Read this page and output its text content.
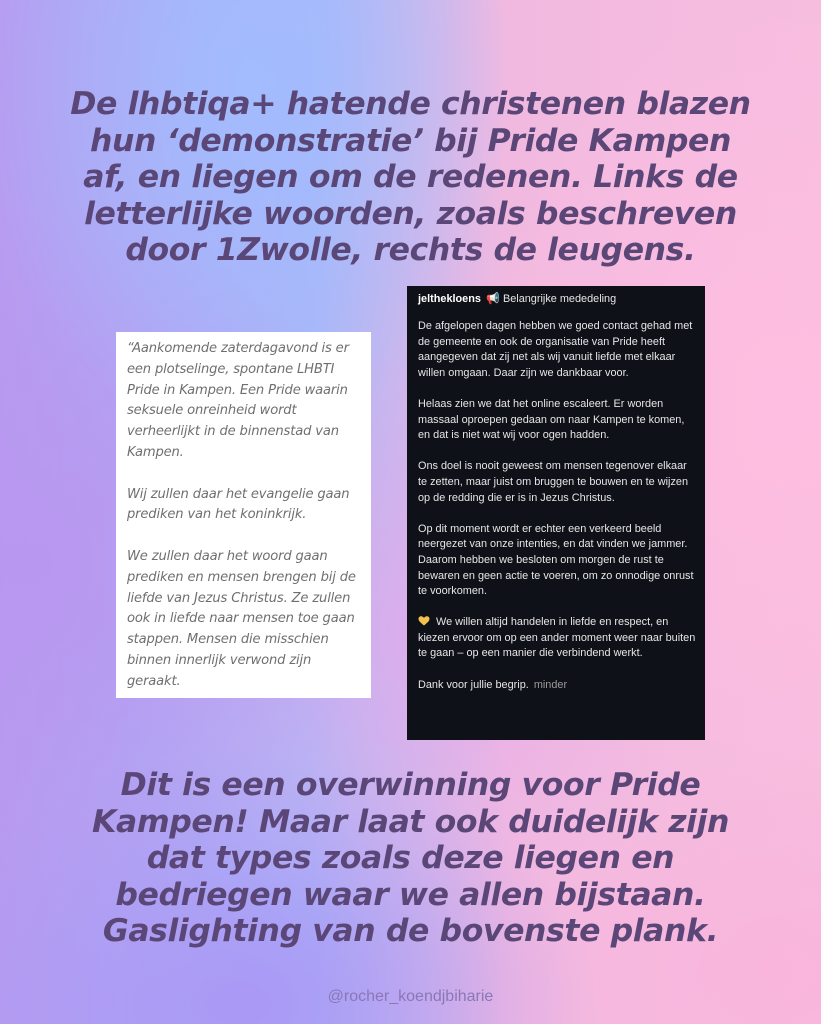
De lhbtiqa+ hatende christenen blazen
hun ‘demonstratie’ bij Pride Kampen
af, en liegen om de redenen. Links de
letterlijke woorden, zoals beschreven
door 1Zwolle, rechts de leugens.

“Aankomende zaterdagavond is er een plotselinge, spontane LHBTI Pride in Kampen. Een Pride waarin seksuele onreinheid wordt verheerlijkt in de binnenstad van Kampen.

Wij zullen daar het evangelie gaan prediken van het koninkrijk.

We zullen daar het woord gaan prediken en mensen brengen bij de liefde van Jezus Christus. Ze zullen ook in liefde naar mensen toe gaan stappen. Mensen die misschien binnen innerlijk verwond zijn geraakt.

jelthekloens 📢 Belangrijke mededeling

De afgelopen dagen hebben we goed contact gehad met de gemeente en ook de organisatie van Pride heeft aangegeven dat zij net als wij vanuit liefde met elkaar willen omgaan. Daar zijn we dankbaar voor.

Helaas zien we dat het online escaleert. Er worden massaal oproepen gedaan om naar Kampen te komen, en dat is niet wat wij voor ogen hadden.

Ons doel is nooit geweest om mensen tegenover elkaar te zetten, maar juist om bruggen te bouwen en te wijzen op de redding die er is in Jezus Christus.

Op dit moment wordt er echter een verkeerd beeld neergezet van onze intenties, en dat vinden we jammer. Daarom hebben we besloten om morgen de rust te bewaren en geen actie te voeren, om zo onnodige onrust te voorkomen.

We willen altijd handelen in liefde en respect, en kiezen ervoor om op een ander moment weer naar buiten te gaan – op een manier die verbindend werkt.

Dank voor jullie begrip. minder

Dit is een overwinning voor Pride
Kampen! Maar laat ook duidelijk zijn
dat types zoals deze liegen en
bedriegen waar we allen bijstaan.
Gaslighting van de bovenste plank.
@rocher_koendjbiharie
